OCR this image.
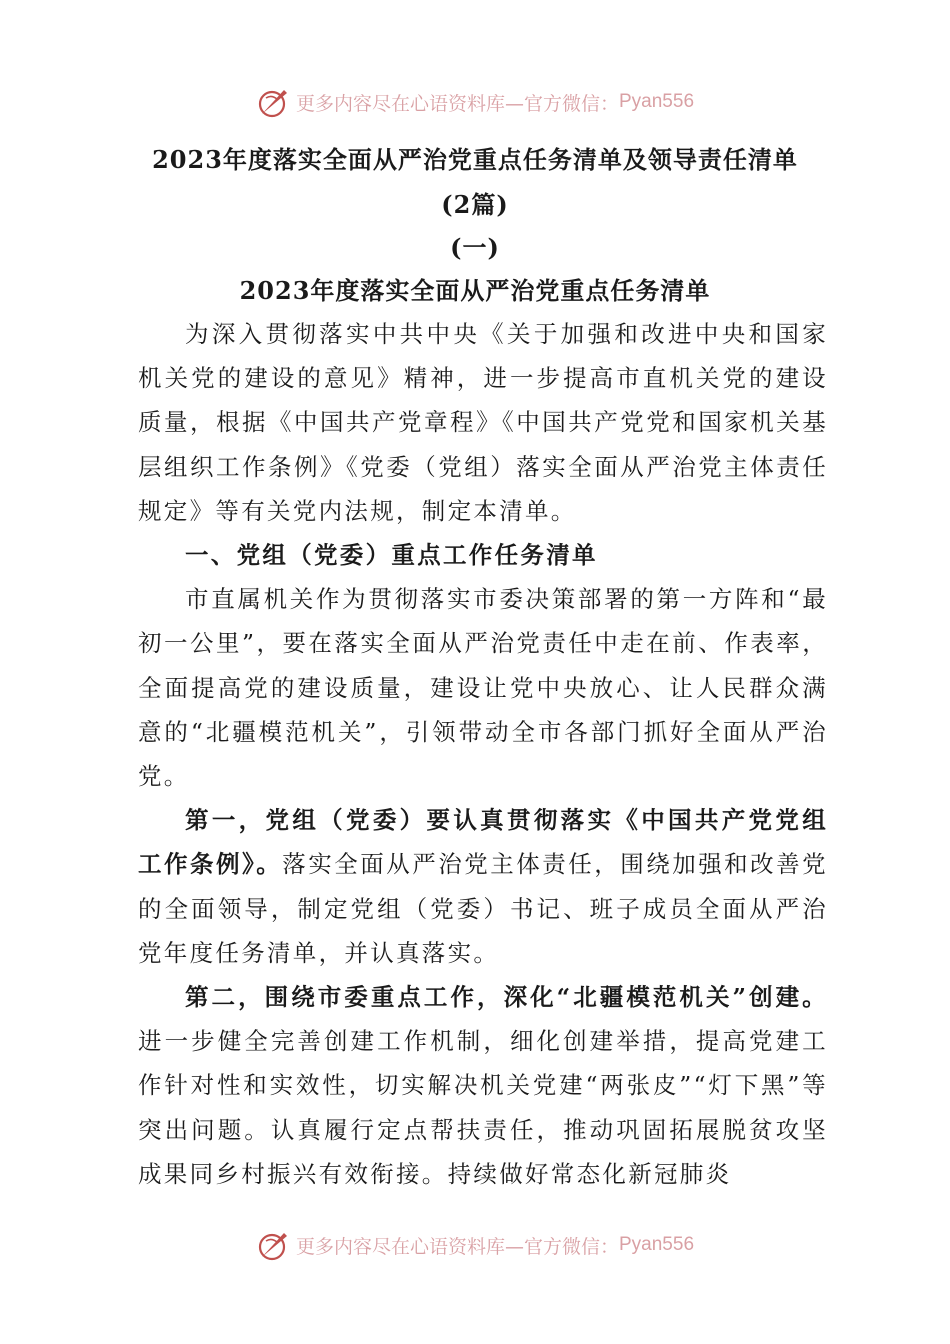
更多内容尽在心语资料库—官方微信： Pyan556
2023年度落实全面从严治党重点任务清单及领导责任清单
(2篇)
(一)
2023年度落实全面从严治党重点任务清单

为深入贯彻落实中共中央《关于加强和改进中央和国家机关党的建设的意见》精神，进一步提高市直机关党的建设质量，根据《中国共产党章程》《中国共产党党和国家机关基层组织工作条例》《党委（党组）落实全面从严治党主体责任规定》等有关党内法规，制定本清单。

一、党组（党委）重点工作任务清单

市直属机关作为贯彻落实市委决策部署的第一方阵和“最初一公里”，要在落实全面从严治党责任中走在前、作表率，全面提高党的建设质量，建设让党中央放心、让人民群众满意的“北疆模范机关”，引领带动全市各部门抓好全面从严治党。

第一，党组（党委）要认真贯彻落实《中国共产党党组工作条例》。落实全面从严治党主体责任，围绕加强和改善党的全面领导，制定党组（党委）书记、班子成员全面从严治党年度任务清单，并认真落实。

第二，围绕市委重点工作，深化“北疆模范机关”创建。进一步健全完善创建工作机制，细化创建举措，提高党建工作针对性和实效性，切实解决机关党建“两张皮”“灯下黑”等突出问题。认真履行定点帮扶责任，推动巩固拓展脱贫攻坚成果同乡村振兴有效衔接。持续做好常态化新冠肺炎

更多内容尽在心语资料库—官方微信： Pyan556
